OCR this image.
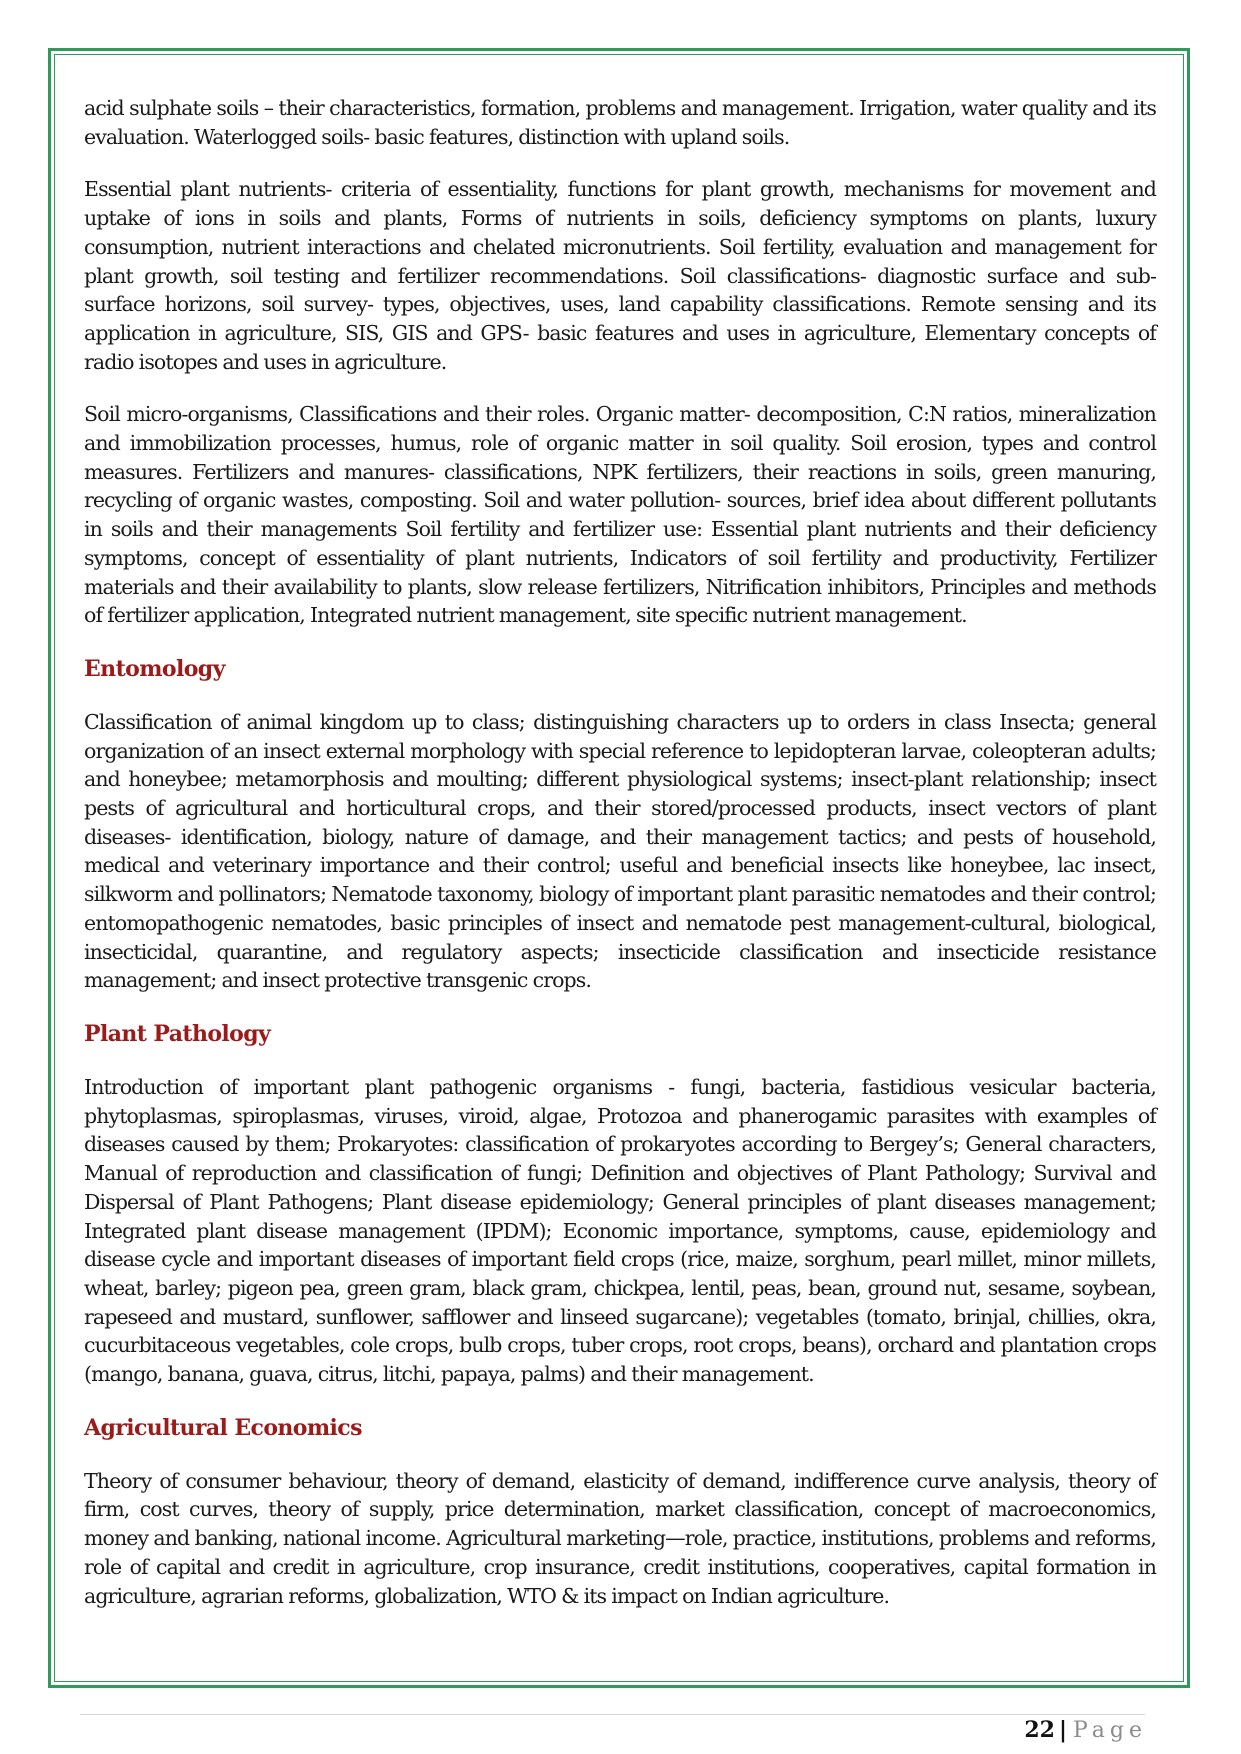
acid sulphate soils – their characteristics, formation, problems and management. Irrigation, water quality and its evaluation. Waterlogged soils- basic features, distinction with upland soils.

Essential plant nutrients- criteria of essentiality, functions for plant growth, mechanisms for movement and uptake of ions in soils and plants, Forms of nutrients in soils, deficiency symptoms on plants, luxury consumption, nutrient interactions and chelated micronutrients. Soil fertility, evaluation and management for plant growth, soil testing and fertilizer recommendations. Soil classifications- diagnostic surface and sub- surface horizons, soil survey- types, objectives, uses, land capability classifications. Remote sensing and its application in agriculture, SIS, GIS and GPS- basic features and uses in agriculture, Elementary concepts of radio isotopes and uses in agriculture.

Soil micro-organisms, Classifications and their roles. Organic matter- decomposition, C:N ratios, mineralization and immobilization processes, humus, role of organic matter in soil quality. Soil erosion, types and control measures. Fertilizers and manures- classifications, NPK fertilizers, their reactions in soils, green manuring, recycling of organic wastes, composting. Soil and water pollution- sources, brief idea about different pollutants in soils and their managements Soil fertility and fertilizer use: Essential plant nutrients and their deficiency symptoms, concept of essentiality of plant nutrients, Indicators of soil fertility and productivity, Fertilizer materials and their availability to plants, slow release fertilizers, Nitrification inhibitors, Principles and methods of fertilizer application, Integrated nutrient management, site specific nutrient management.

Entomology

Classification of animal kingdom up to class; distinguishing characters up to orders in class Insecta; general organization of an insect external morphology with special reference to lepidopteran larvae, coleopteran adults; and honeybee; metamorphosis and moulting; different physiological systems; insect-plant relationship; insect pests of agricultural and horticultural crops, and their stored/processed products, insect vectors of plant diseases- identification, biology, nature of damage, and their management tactics; and pests of household, medical and veterinary importance and their control; useful and beneficial insects like honeybee, lac insect, silkworm and pollinators; Nematode taxonomy, biology of important plant parasitic nematodes and their control; entomopathogenic nematodes, basic principles of insect and nematode pest management-cultural, biological, insecticidal, quarantine, and regulatory aspects; insecticide classification and insecticide resistance management; and insect protective transgenic crops.

Plant Pathology

Introduction of important plant pathogenic organisms - fungi, bacteria, fastidious vesicular bacteria, phytoplasmas, spiroplasmas, viruses, viroid, algae, Protozoa and phanerogamic parasites with examples of diseases caused by them; Prokaryotes: classification of prokaryotes according to Bergey’s; General characters, Manual of reproduction and classification of fungi; Definition and objectives of Plant Pathology; Survival and Dispersal of Plant Pathogens; Plant disease epidemiology; General principles of plant diseases management; Integrated plant disease management (IPDM); Economic importance, symptoms, cause, epidemiology and disease cycle and important diseases of important field crops (rice, maize, sorghum, pearl millet, minor millets, wheat, barley; pigeon pea, green gram, black gram, chickpea, lentil, peas, bean, ground nut, sesame, soybean, rapeseed and mustard, sunflower, safflower and linseed sugarcane); vegetables (tomato, brinjal, chillies, okra, cucurbitaceous vegetables, cole crops, bulb crops, tuber crops, root crops, beans), orchard and plantation crops (mango, banana, guava, citrus, litchi, papaya, palms) and their management.

Agricultural Economics

Theory of consumer behaviour, theory of demand, elasticity of demand, indifference curve analysis, theory of firm, cost curves, theory of supply, price determination, market classification, concept of macroeconomics, money and banking, national income. Agricultural marketing—role, practice, institutions, problems and reforms, role of capital and credit in agriculture, crop insurance, credit institutions, cooperatives, capital formation in agriculture, agrarian reforms, globalization, WTO & its impact on Indian agriculture.

22 | Page
